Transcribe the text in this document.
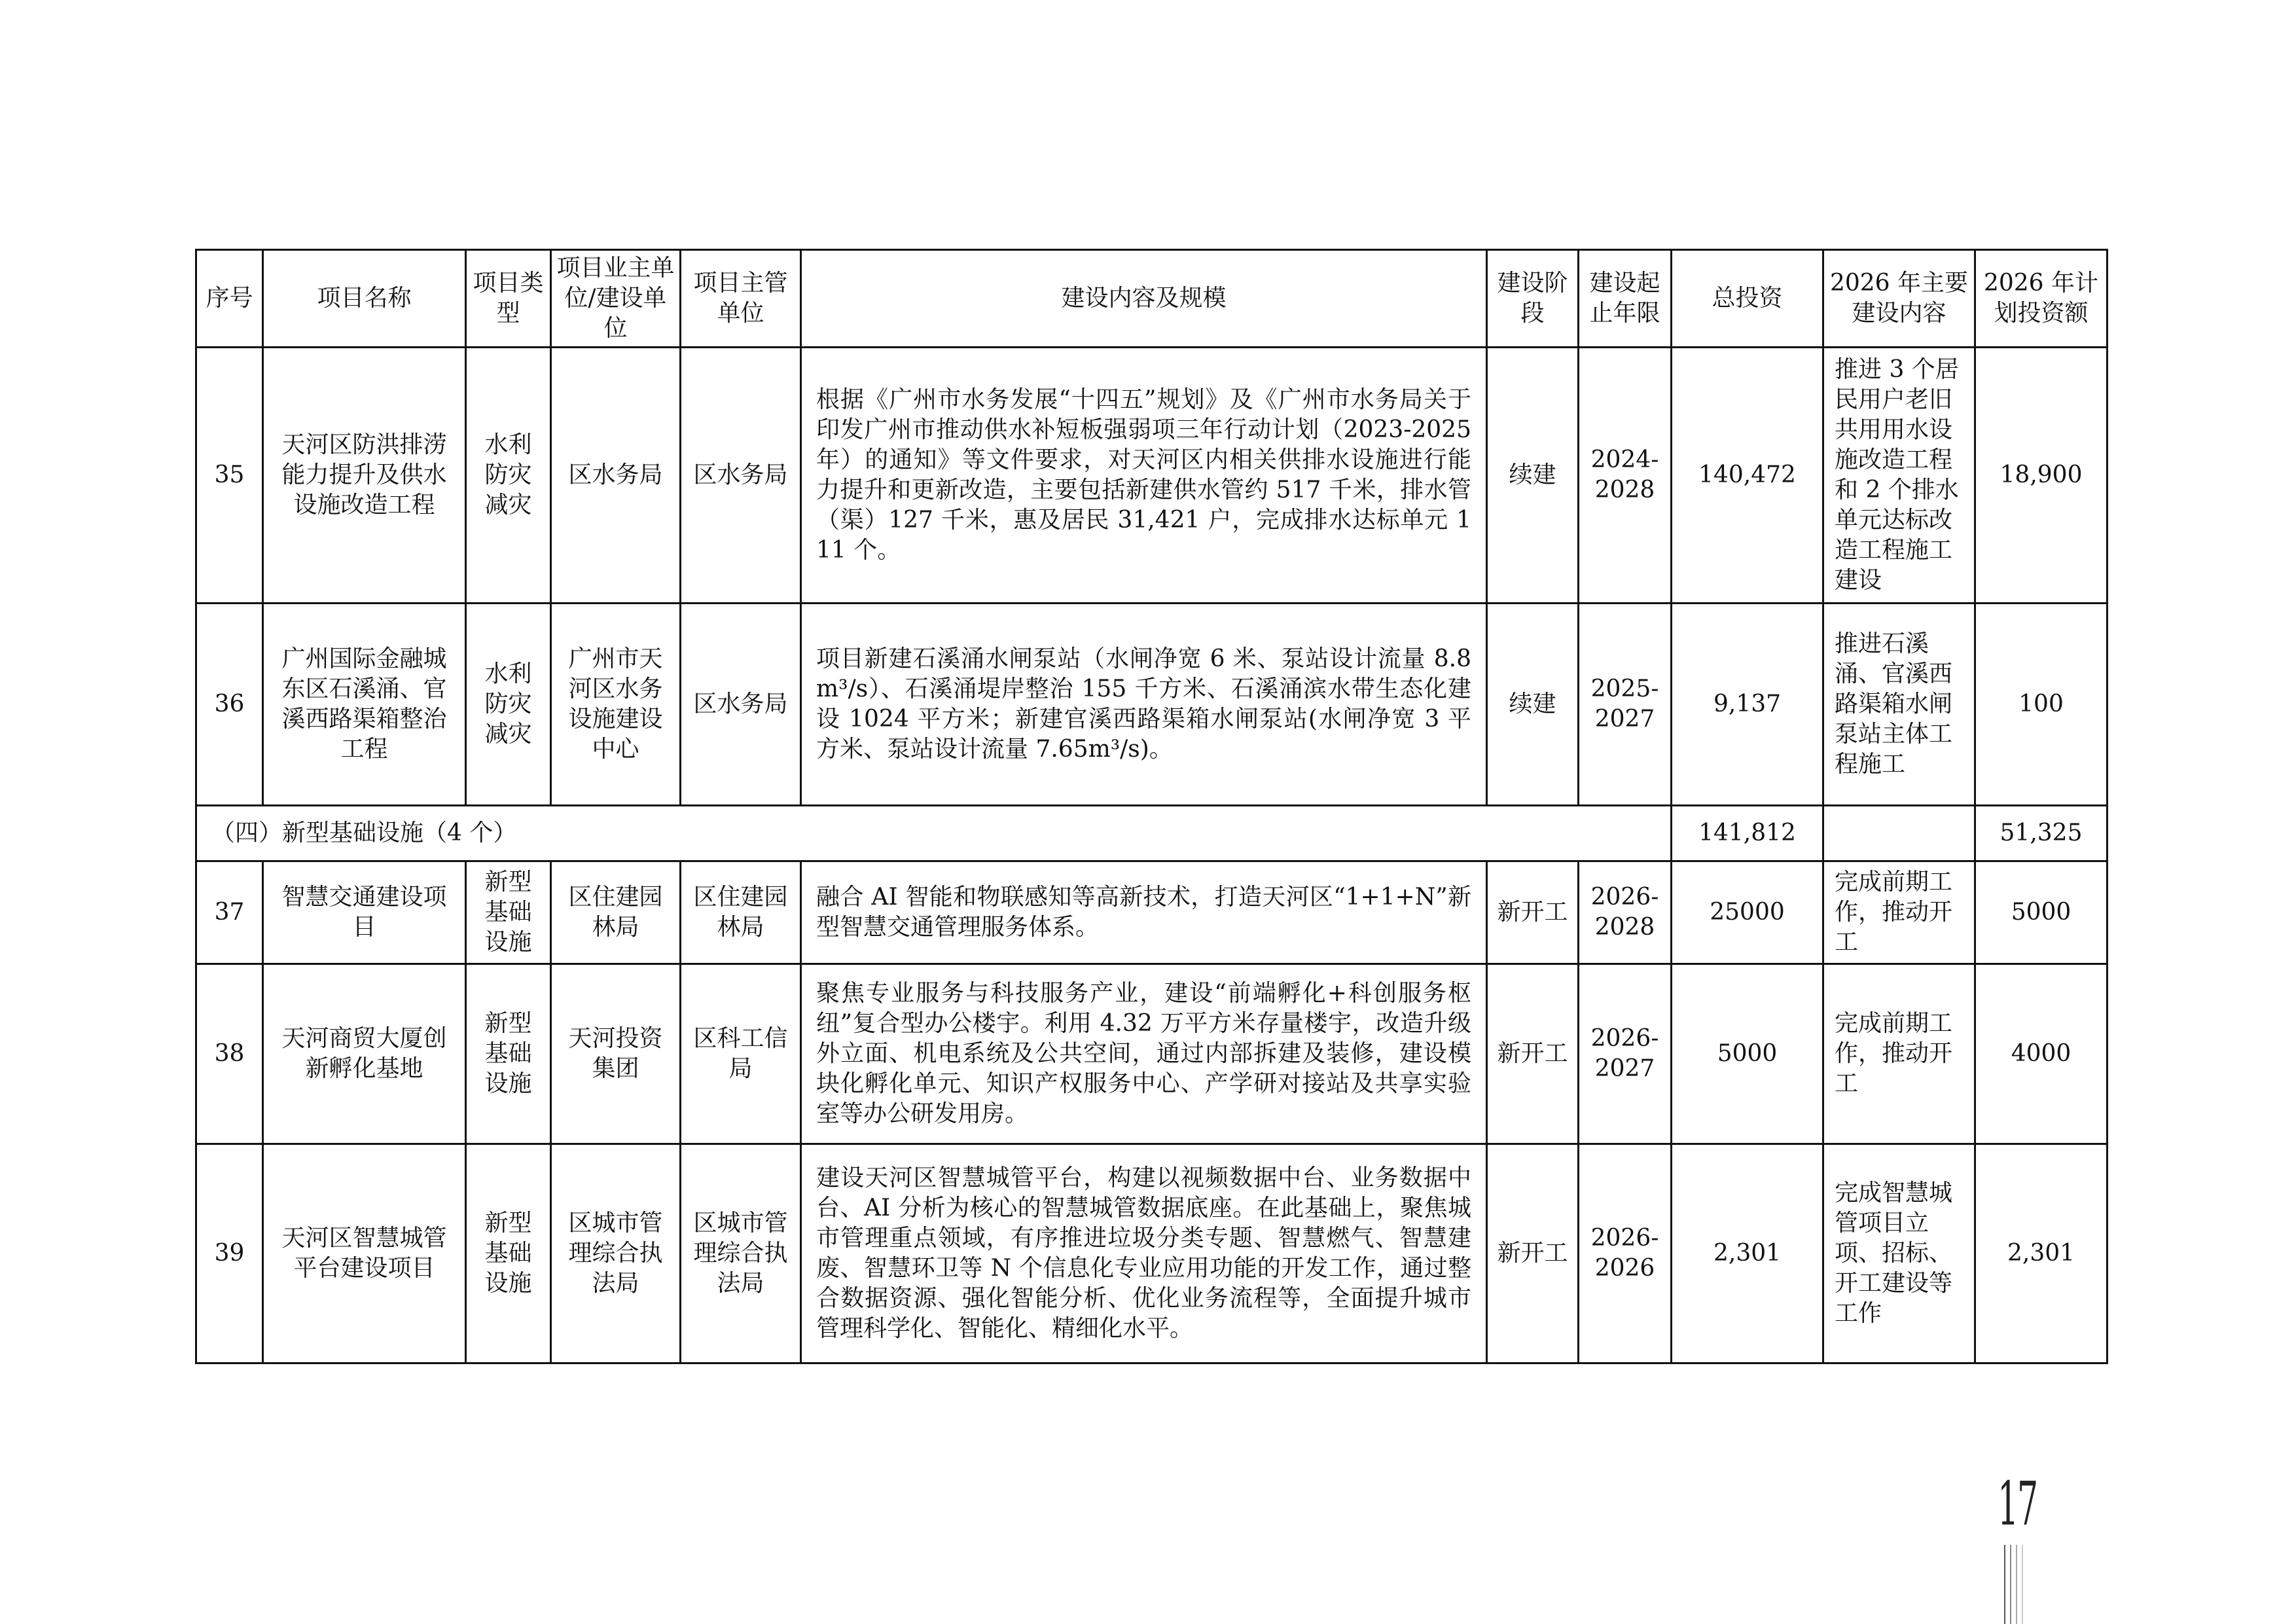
序号	项目名称	项目类型	项目业主单位/建设单位	项目主管单位	建设内容及规模	建设阶段	建设起止年限	总投资	2026 年主要建设内容	2026 年计划投资额
35	天河区防洪排涝能力提升及供水设施改造工程	水利防灾减灾	区水务局	区水务局	根据《广州市水务发展“十四五”规划》及《广州市水务局关于印发广州市推动供水补短板强弱项三年行动计划（2023-2025年）的通知》等文件要求，对天河区内相关供排水设施进行能力提升和更新改造，主要包括新建供水管约 517 千米，排水管（渠）127 千米，惠及居民 31,421 户，完成排水达标单元 111 个。	续建	2024-2028	140,472	推进 3 个居民用户老旧共用用水设施改造工程和 2 个排水单元达标改造工程施工建设	18,900
36	广州国际金融城东区石溪涌、官溪西路渠箱整治工程	水利防灾减灾	广州市天河区水务设施建设中心	区水务局	项目新建石溪涌水闸泵站（水闸净宽 6 米、泵站设计流量 8.8m³/s）、石溪涌堤岸整治 155 千方米、石溪涌滨水带生态化建设 1024 平方米；新建官溪西路渠箱水闸泵站(水闸净宽 3 平方米、泵站设计流量 7.65m³/s)。	续建	2025-2027	9,137	推进石溪涌、官溪西路渠箱水闸泵站主体工程施工	100
（四）新型基础设施（4 个）								141,812		51,325
37	智慧交通建设项目	新型基础设施	区住建园林局	区住建园林局	融合 AI 智能和物联感知等高新技术，打造天河区“1+1+N”新型智慧交通管理服务体系。	新开工	2026-2028	25000	完成前期工作，推动开工	5000
38	天河商贸大厦创新孵化基地	新型基础设施	天河投资集团	区科工信局	聚焦专业服务与科技服务产业，建设“前端孵化+科创服务枢纽”复合型办公楼宇。利用 4.32 万平方米存量楼宇，改造升级外立面、机电系统及公共空间，通过内部拆建及装修，建设模块化孵化单元、知识产权服务中心、产学研对接站及共享实验室等办公研发用房。	新开工	2026-2027	5000	完成前期工作，推动开工	4000
39	天河区智慧城管平台建设项目	新型基础设施	区城市管理综合执法局	区城市管理综合执法局	建设天河区智慧城管平台，构建以视频数据中台、业务数据中台、AI 分析为核心的智慧城管数据底座。在此基础上，聚焦城市管理重点领域，有序推进垃圾分类专题、智慧燃气、智慧建废、智慧环卫等 N 个信息化专业应用功能的开发工作，通过整合数据资源、强化智能分析、优化业务流程等，全面提升城市管理科学化、智能化、精细化水平。	新开工	2026-2026	2,301	完成智慧城管项目立项、招标、开工建设等工作	2,301
17
